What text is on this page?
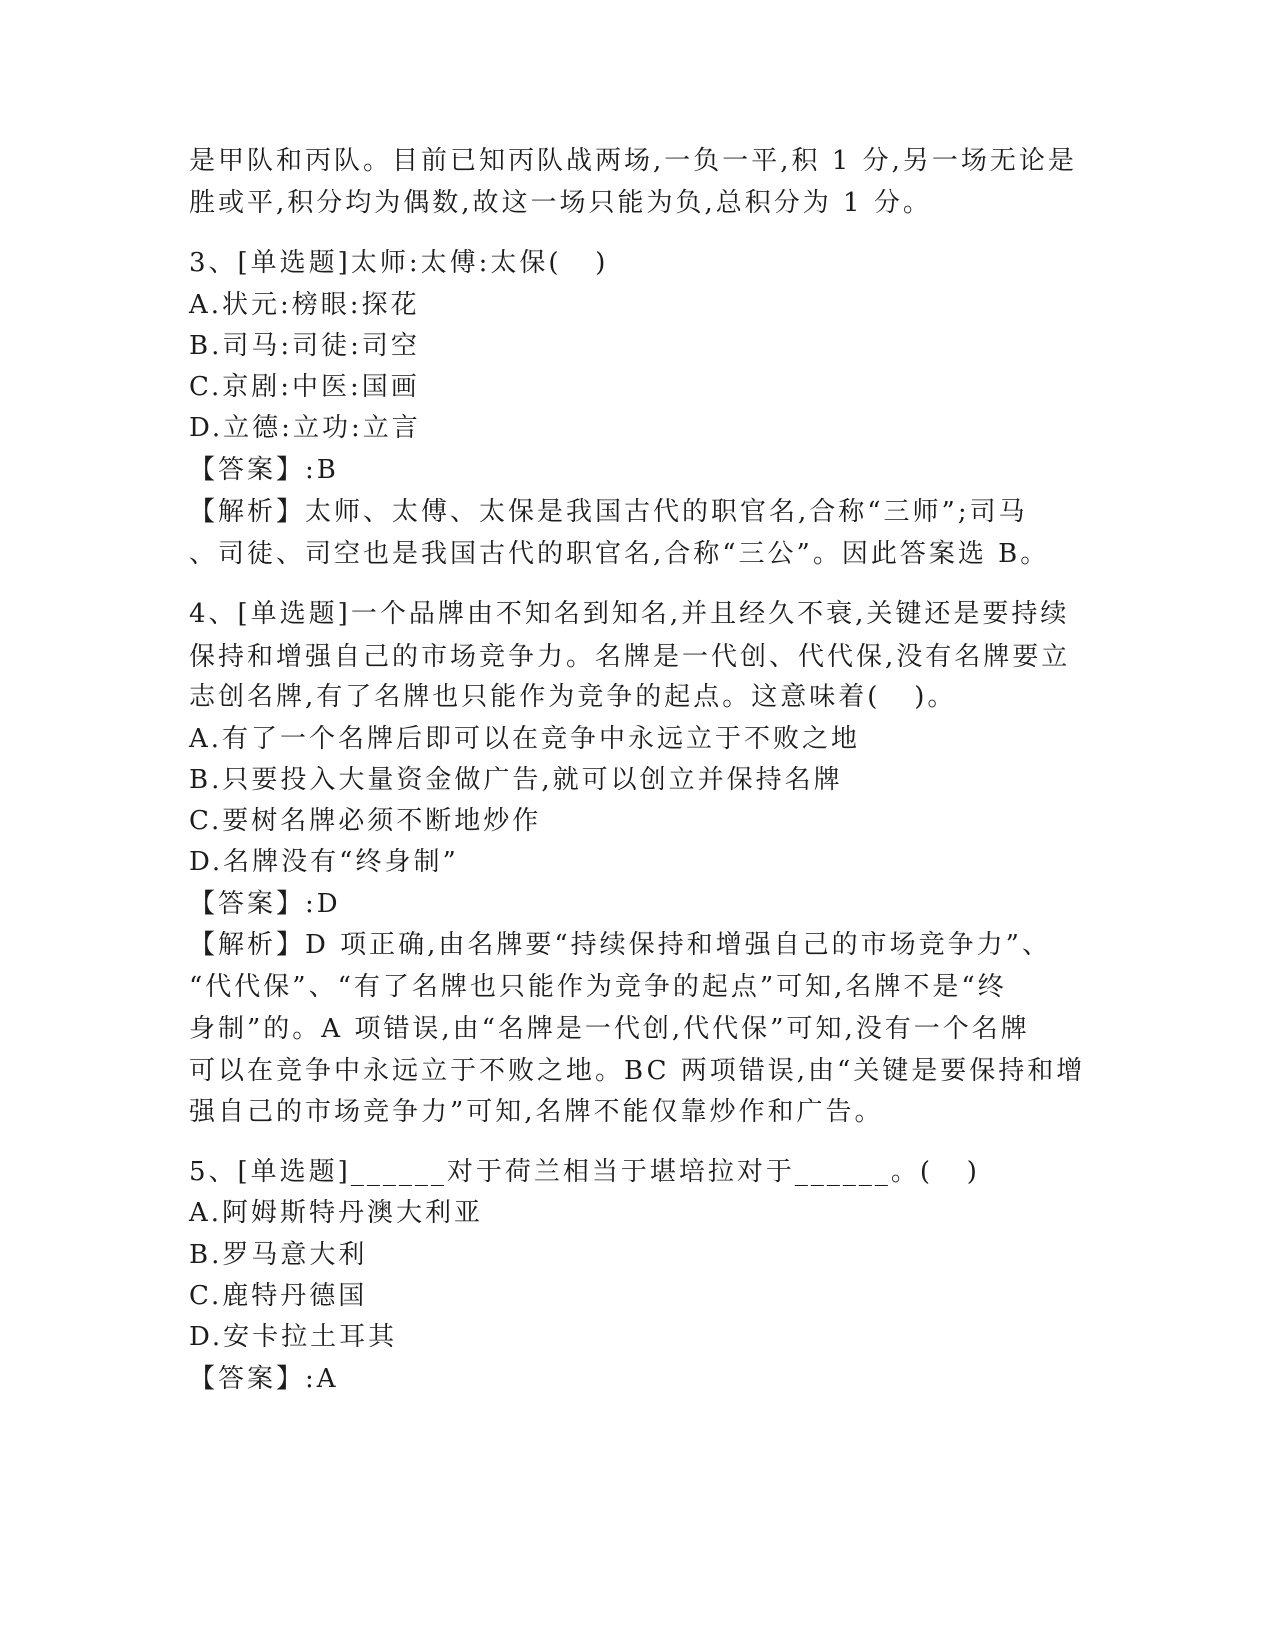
是甲队和丙队。目前已知丙队战两场,一负一平,积 1 分,另一场无论是
胜或平,积分均为偶数,故这一场只能为负,总积分为 1 分。
3、[单选题]太师:太傅:太保(   )
A.状元:榜眼:探花
B.司马:司徒:司空
C.京剧:中医:国画
D.立德:立功:立言
【答案】:B
【解析】太师、太傅、太保是我国古代的职官名,合称“三师”;司马
、司徒、司空也是我国古代的职官名,合称“三公”。因此答案选 B。
4、[单选题]一个品牌由不知名到知名,并且经久不衰,关键还是要持续
保持和增强自己的市场竞争力。名牌是一代创、代代保,没有名牌要立
志创名牌,有了名牌也只能作为竞争的起点。这意味着(   )。
A.有了一个名牌后即可以在竞争中永远立于不败之地
B.只要投入大量资金做广告,就可以创立并保持名牌
C.要树名牌必须不断地炒作
D.名牌没有“终身制”
【答案】:D
【解析】D 项正确,由名牌要“持续保持和增强自己的市场竞争力”、
“代代保”、“有了名牌也只能作为竞争的起点”可知,名牌不是“终
身制”的。A 项错误,由“名牌是一代创,代代保”可知,没有一个名牌
可以在竞争中永远立于不败之地。BC 两项错误,由“关键是要保持和增
强自己的市场竞争力”可知,名牌不能仅靠炒作和广告。
5、[单选题]______对于荷兰相当于堪培拉对于______。(   )
A.阿姆斯特丹澳大利亚
B.罗马意大利
C.鹿特丹德国
D.安卡拉土耳其
【答案】:A
